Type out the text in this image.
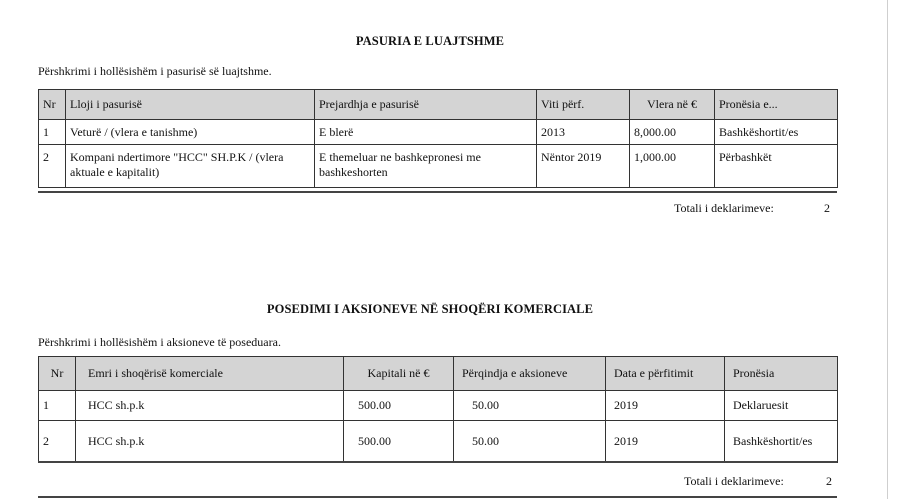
PASURIA E LUAJTSHME
Përshkrimi i hollësishëm i pasurisë së luajtshme.
Nr	Lloji i pasurisë	Prejardhja e pasurisë	Viti përf.	Vlera në €	Pronësia e...
1	Veturë / (vlera e tanishme)	E blerë	2013	8,000.00	Bashkëshortit/es
2	Kompani ndertimore "HCC" SH.P.K / (vlera aktuale e kapitalit)	E themeluar ne bashkepronesi me bashkeshorten	Nëntor 2019	1,000.00	Përbashkët
Totali i deklarimeve:	2
POSEDIMI I AKSIONEVE NË SHOQËRI KOMERCIALE
Përshkrimi i hollësishëm i aksioneve të poseduara.
Nr	Emri i shoqërisë komerciale	Kapitali në €	Përqindja e aksioneve	Data e përfitimit	Pronësia
1	HCC sh.p.k	500.00	50.00	2019	Deklaruesit
2	HCC sh.p.k	500.00	50.00	2019	Bashkëshortit/es
Totali i deklarimeve:	2
